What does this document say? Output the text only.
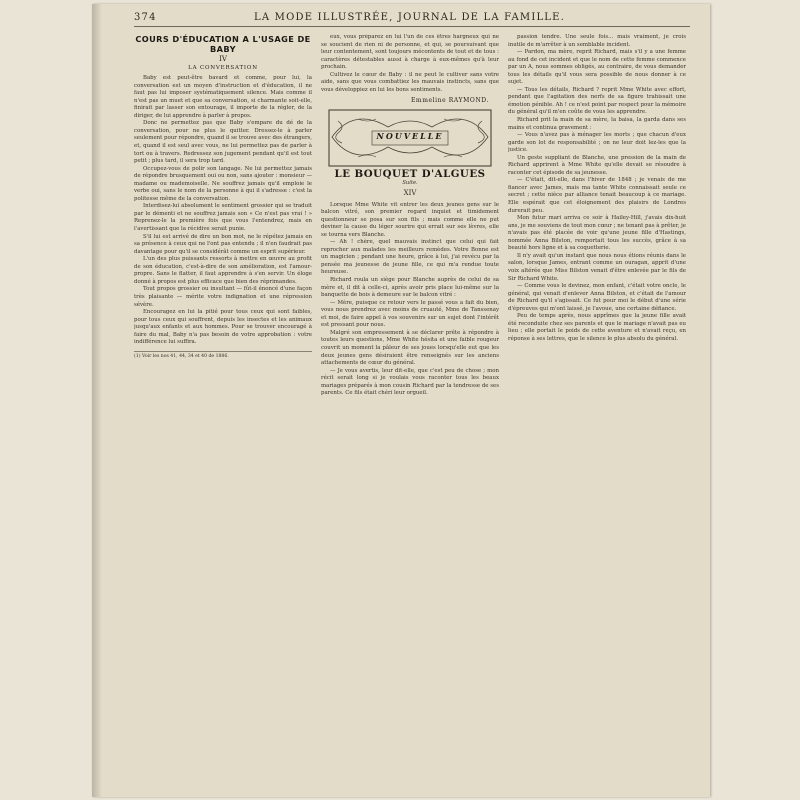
374	LA MODE ILLUSTRÉE, JOURNAL DE LA FAMILLE.
COURS D'ÉDUCATION A L'USAGE DE BABY
IV
LA CONVERSATION

Baby est peut-être bavard et comme, pour lui, la conversation est un moyen d'instruction et d'éducation, il ne faut pas lui imposer systématiquement silence. Mais comme il n'est pas un muet et que sa conversation, si charmante soit-elle, finirait par lasser son entourage, il importe de la régler, de la diriger, de lui apprendre à parler à propos.

Donc ne permettez pas que Baby s'empare du dé de la conversation, pour ne plus le quitter. Dressez-le à parler seulement pour répondre, quand il se trouve avec des étrangers, et, quand il est seul avec vous, ne lui permettez pas de parler à tort ou à travers. Redressez son jugement pendant qu'il est tout petit ; plus tard, il sera trop tard.

Occupez-vous de polir son langage. Ne lui permettez jamais de répondre brusquement oui ou non, sans ajouter : monsieur — madame ou mademoiselle. Ne souffrez jamais qu'il emploie le verbe oui, sans le nom de la personne à qui il s'adresse : c'est la politesse même de la conversation.

Interdisez-lui absolument le sentiment grossier qui se traduit par le démenti et ne souffrez jamais son « Ce n'est pas vrai ! » Reprenez-le la première fois que vous l'entendrez, mais en l'avertissant que la récidive serait punie.

S'il lui est arrivé de dire un bon mot, ne le répétez jamais en sa présence à ceux qui ne l'ont pas entendu ; il n'en faudrait pas davantage pour qu'il se considérât comme un esprit supérieur.

L'un des plus puissants ressorts à mettre en œuvre au profit de son éducation, c'est-à-dire de son amélioration, est l'amour-propre. Sans le flatter, il faut apprendre à s'en servir. Un éloge donné à propos est plus efficace que bien des réprimandes.

Tout propos grossier ou insultant — fût-il énoncé d'une façon très plaisante — mérite votre indignation et une répression sévère.

Encouragez en lui la pitié pour tous ceux qui sont faibles, pour tous ceux qui souffrent, depuis les insectes et les animaux jusqu'aux enfants et aux hommes. Pour se trouver encouragé à faire du mal, Baby n'a pas besoin de votre approbation : votre indifférence lui suffira.

(1) Voir les nos 41, 44, 34 et 40 de 1886.

eux, vous préparez en lui l'un de ces êtres hargneux qui ne se soucient de rien ni de personne, et qui, se poursuivant que leur contentement, sont toujours mécontents de tout et de tous : caractères détestables aussi à charge à eux-mêmes qu'à leur prochain.

Cultivez le cœur de Baby : il ne peut le cultiver sans votre aide, sans que vous combattiez les mauvais instincts, sans que vous développiez en lui les bons sentiments.

Emmeline RAYMOND.
NOUVELLE
LE BOUQUET D'ALGUES
Suite.
XIV

Lorsque Mme White vit entrer les deux jeunes gens sur le balcon vitré, son premier regard inquiet et timidement questionneur se posa sur son fils ; mais comme elle ne put deviner la cause du léger sourire qui errait sur ses lèvres, elle se tourna vers Blanche.

— Ah ! chère, quel mauvais instinct que celui qui fait reprocher aux malades les meilleurs remèdes. Votre Bonne est un magicien ; pendant une heure, grâce à lui, j'ai revécu par la pensée ma jeunesse de jeune fille, ce qui m'a rendue toute heureuse.

Richard roula un siège pour Blanche auprès de celui de sa mère et, il dit à celle-ci, après avoir pris place lui-même sur la banquette de bois à demeure sur le balcon vitré :

— Mère, puisque ce retour vers le passé vous a fait du bien, vous nous prendrez avec moins de cruauté, Mme de Tanssenay et moi, de faire appel à vos souvenirs sur un sujet dont l'intérêt est pressant pour nous.

Malgré son empressement à se déclarer prête à répondre à toutes leurs questions, Mme White hésita et une faible rougeur couvrit un moment la pâleur de ses joues lorsqu'elle eut que les deux jeunes gens désiraient être renseignés sur les anciens attachements de cœur du général.

— Je vous avertis, leur dit-elle, que c'est peu de chose ; mon récit serait long si je voulais vous raconter tous les beaux mariages préparés à mon cousin Richard par la tendresse de ses parents. Ce fils était chéri leur orgueil.

passion tendre. Une seule fois... mais vraiment, je crois inutile de m'arrêter à un semblable incident.

— Pardon, ma mère, reprit Richard, mais s'il y a une femme au fond de cet incident et que le nom de cette femme commence par un A, nous sommes obligés, au contraire, de vous demander tous les détails qu'il vous sera possible de nous donner à ce sujet.

— Tous les détails, Richard ? reprit Mme White avec effort, pendant que l'agitation des nerfs de sa figure trahissait une émotion pénible. Ah ! ce n'est point par respect pour la mémoire du général qu'il m'en coûte de vous les apprendre.

Richard prit la main de sa mère, la baisa, la garda dans ses mains et continua gravement :

— Vous n'avez pas à ménager les morts ; que chacun d'eux garde son lot de responsabilité ; on ne leur doit lez-les que la justice.

Un geste suppliant de Blanche, une pression de la main de Richard apprirent à Mme White qu'elle devait se résoudre à raconter cet épisode de sa jeunesse.

— C'était, dit-elle, dans l'hiver de 1848 ; je venais de me fiancer avec James, mais ma tante White connaissait seule ce secret ; cette nièce par alliance tenait beaucoup à ce mariage. Elle espérait que cet éloignement des plaisirs de Londres durerait peu.

Mon futur mari arriva ce soir à Hailey-Hill, j'avais dix-huit ans, je me souviens de tout mon cœur ; ne tenant pas à prêter, je n'avais pas été placée de voir qu'une jeune fille d'Hastings, nommée Anna Bilston, remportait tous les succès, grâce à sa beauté hors ligne et à sa coquetterie.

Il n'y avait qu'un instant que nous nous étions réunis dans le salon, lorsque James, entrant comme un ouragan, apprit d'une voix altérée que Miss Bilston venait d'être enlevée par le fils de Sir Richard White.

— Comme vous le devinez, mon enfant, c'était votre oncle, le général, qui venait d'enlever Anna Bilston, et c'était de l'amour de Richard qu'il s'agissait. Ce fut pour moi le début d'une série d'épreuves qui m'ont laissé, je l'avoue, une certaine défiance.

Peu de temps après, nous apprîmes que la jeune fille avait été reconduite chez ses parents et que le mariage n'avait pas eu lieu ; elle portait le poids de cette aventure et n'avait reçu, en réponse à ses lettres, que le silence le plus absolu du général.
